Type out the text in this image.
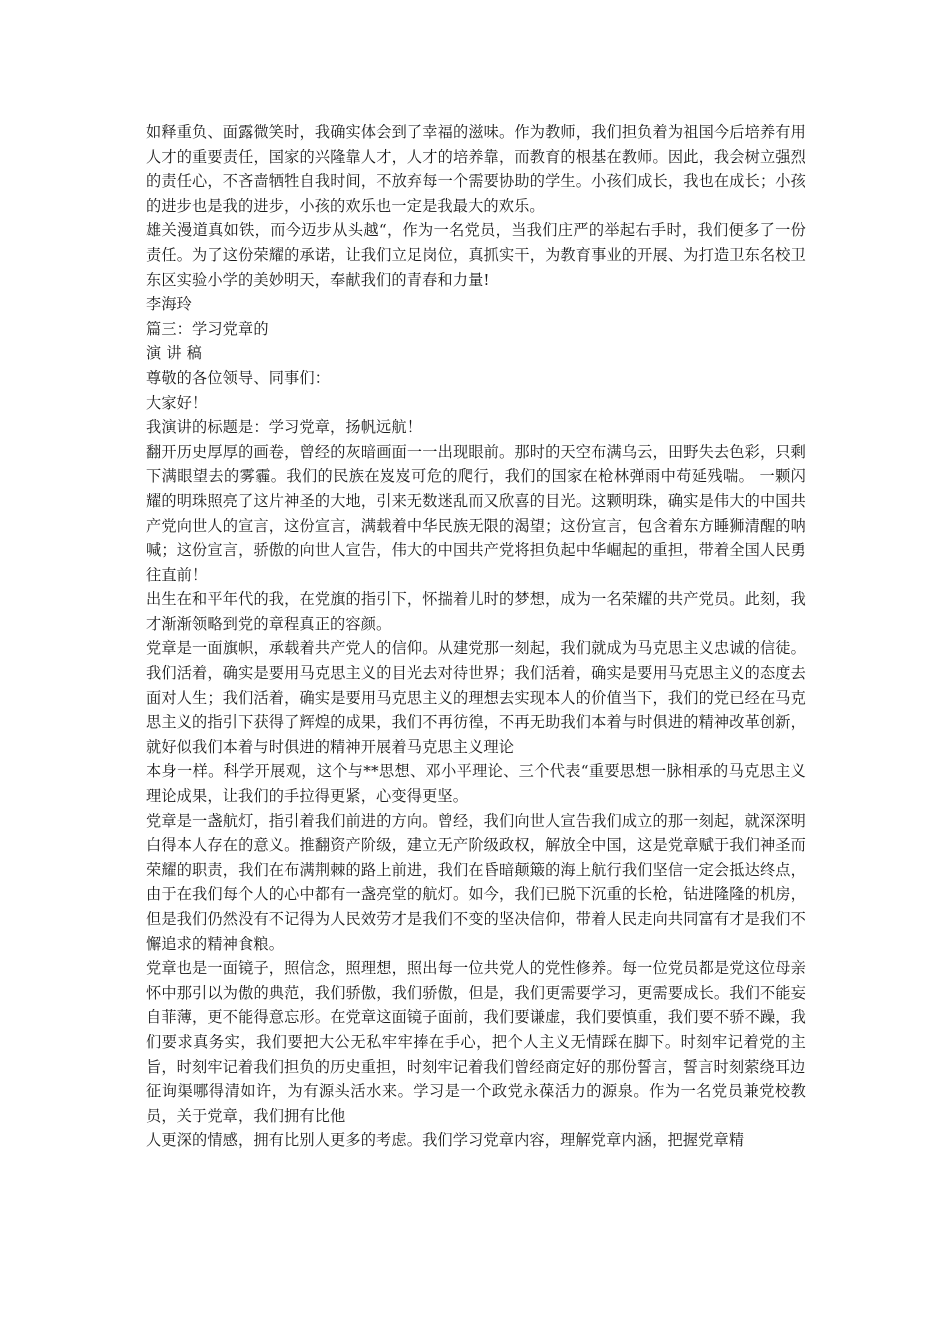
如释重负、面露微笑时，我确实体会到了幸福的滋味。作为教师，我们担负着为祖国今后培养有用人才的重要责任，国家的兴隆靠人才，人才的培养靠，而教育的根基在教师。因此，我会树立强烈的责任心，不吝啬牺牲自我时间，不放弃每一个需要协助的学生。小孩们成长，我也在成长；小孩的进步也是我的进步，小孩的欢乐也一定是我最大的欢乐。

雄关漫道真如铁，而今迈步从头越“，作为一名党员，当我们庄严的举起右手时，我们便多了一份责任。为了这份荣耀的承诺，让我们立足岗位，真抓实干，为教育事业的开展、为打造卫东名校卫东区实验小学的美妙明天，奉献我们的青春和力量!

李海玲

篇三：学习党章的

演 讲 稿

尊敬的各位领导、同事们：

大家好！

我演讲的标题是：学习党章，扬帆远航！

翻开历史厚厚的画卷，曾经的灰暗画面一一出现眼前。那时的天空布满乌云，田野失去色彩，只剩下满眼望去的雾霾。我们的民族在岌岌可危的爬行，我们的国家在枪林弹雨中苟延残喘。 一颗闪耀的明珠照亮了这片神圣的大地，引来无数迷乱而又欣喜的目光。这颗明珠，确实是伟大的中国共产党向世人的宣言，这份宣言，满载着中华民族无限的渴望；这份宣言，包含着东方睡狮清醒的呐喊；这份宣言，骄傲的向世人宣告，伟大的中国共产党将担负起中华崛起的重担，带着全国人民勇往直前！

出生在和平年代的我，在党旗的指引下，怀揣着儿时的梦想，成为一名荣耀的共产党员。此刻，我才渐渐领略到党的章程真正的容颜。

党章是一面旗帜，承载着共产党人的信仰。从建党那一刻起，我们就成为马克思主义忠诚的信徒。我们活着，确实是要用马克思主义的目光去对待世界；我们活着，确实是要用马克思主义的态度去面对人生；我们活着，确实是要用马克思主义的理想去实现本人的价值当下，我们的党已经在马克思主义的指引下获得了辉煌的成果，我们不再彷徨，不再无助我们本着与时俱进的精神改革创新，就好似我们本着与时俱进的精神开展着马克思主义理论

本身一样。科学开展观，这个与**思想、邓小平理论、三个代表“重要思想一脉相承的马克思主义理论成果，让我们的手拉得更紧，心变得更坚。

党章是一盏航灯，指引着我们前进的方向。曾经，我们向世人宣告我们成立的那一刻起，就深深明白得本人存在的意义。推翻资产阶级，建立无产阶级政权，解放全中国，这是党章赋于我们神圣而荣耀的职责，我们在布满荆棘的路上前进，我们在昏暗颠簸的海上航行我们坚信一定会抵达终点，由于在我们每个人的心中都有一盏亮堂的航灯。如今，我们已脱下沉重的长枪，钻进隆隆的机房，但是我们仍然没有不记得为人民效劳才是我们不变的坚决信仰，带着人民走向共同富有才是我们不懈追求的精神食粮。

党章也是一面镜子，照信念，照理想，照出每一位共党人的党性修养。每一位党员都是党这位母亲怀中那引以为傲的典范，我们骄傲，我们骄傲，但是，我们更需要学习，更需要成长。我们不能妄自菲薄，更不能得意忘形。在党章这面镜子面前，我们要谦虚，我们要慎重，我们要不骄不躁，我们要求真务实，我们要把大公无私牢牢捧在手心，把个人主义无情踩在脚下。时刻牢记着党的主旨，时刻牢记着我们担负的历史重担，时刻牢记着我们曾经商定好的那份誓言，誓言时刻萦绕耳边

征询渠哪得清如许，为有源头活水来。学习是一个政党永葆活力的源泉。作为一名党员兼党校教员，关于党章，我们拥有比他

人更深的情感，拥有比别人更多的考虑。我们学习党章内容，理解党章内涵，把握党章精
